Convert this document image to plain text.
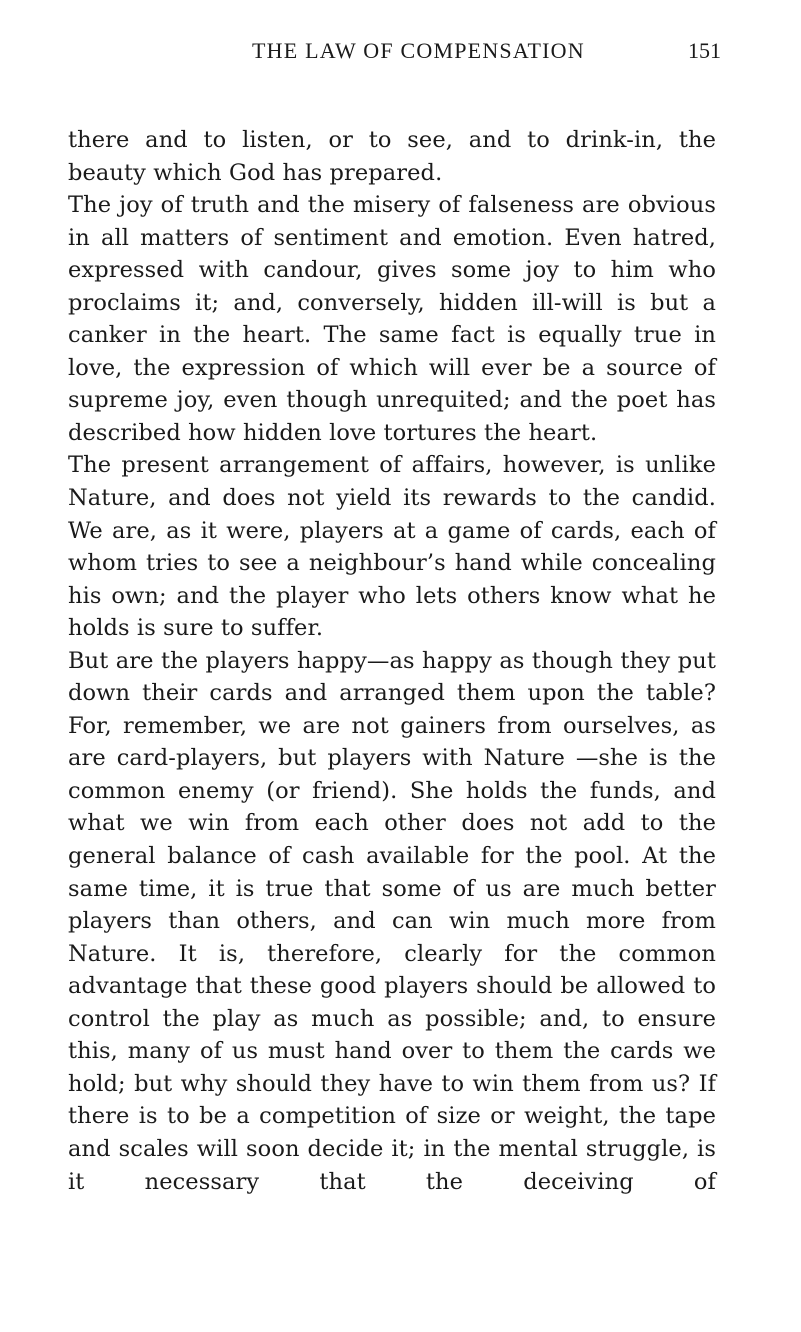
THE LAW OF COMPENSATION	151

there and to listen, or to see, and to drink-in, the beauty which God has prepared.

The joy of truth and the misery of falseness are obvious in all matters of sentiment and emotion. Even hatred, expressed with candour, gives some joy to him who proclaims it; and, conversely, hidden ill-will is but a canker in the heart. The same fact is equally true in love, the expression of which will ever be a source of supreme joy, even though unrequited; and the poet has described how hidden love tortures the heart.

The present arrangement of affairs, however, is unlike Nature, and does not yield its rewards to the candid. We are, as it were, players at a game of cards, each of whom tries to see a neighbour’s hand while concealing his own; and the player who lets others know what he holds is sure to suffer.

But are the players happy—as happy as though they put down their cards and arranged them upon the table? For, remember, we are not gainers from ourselves, as are card-players, but players with Nature —she is the common enemy (or friend). She holds the funds, and what we win from each other does not add to the general balance of cash available for the pool. At the same time, it is true that some of us are much better players than others, and can win much more from Nature. It is, therefore, clearly for the common advantage that these good players should be allowed to control the play as much as possible; and, to ensure this, many of us must hand over to them the cards we hold; but why should they have to win them from us? If there is to be a competition of size or weight, the tape and scales will soon decide it; in the mental struggle, is it necessary that the deceiving of
